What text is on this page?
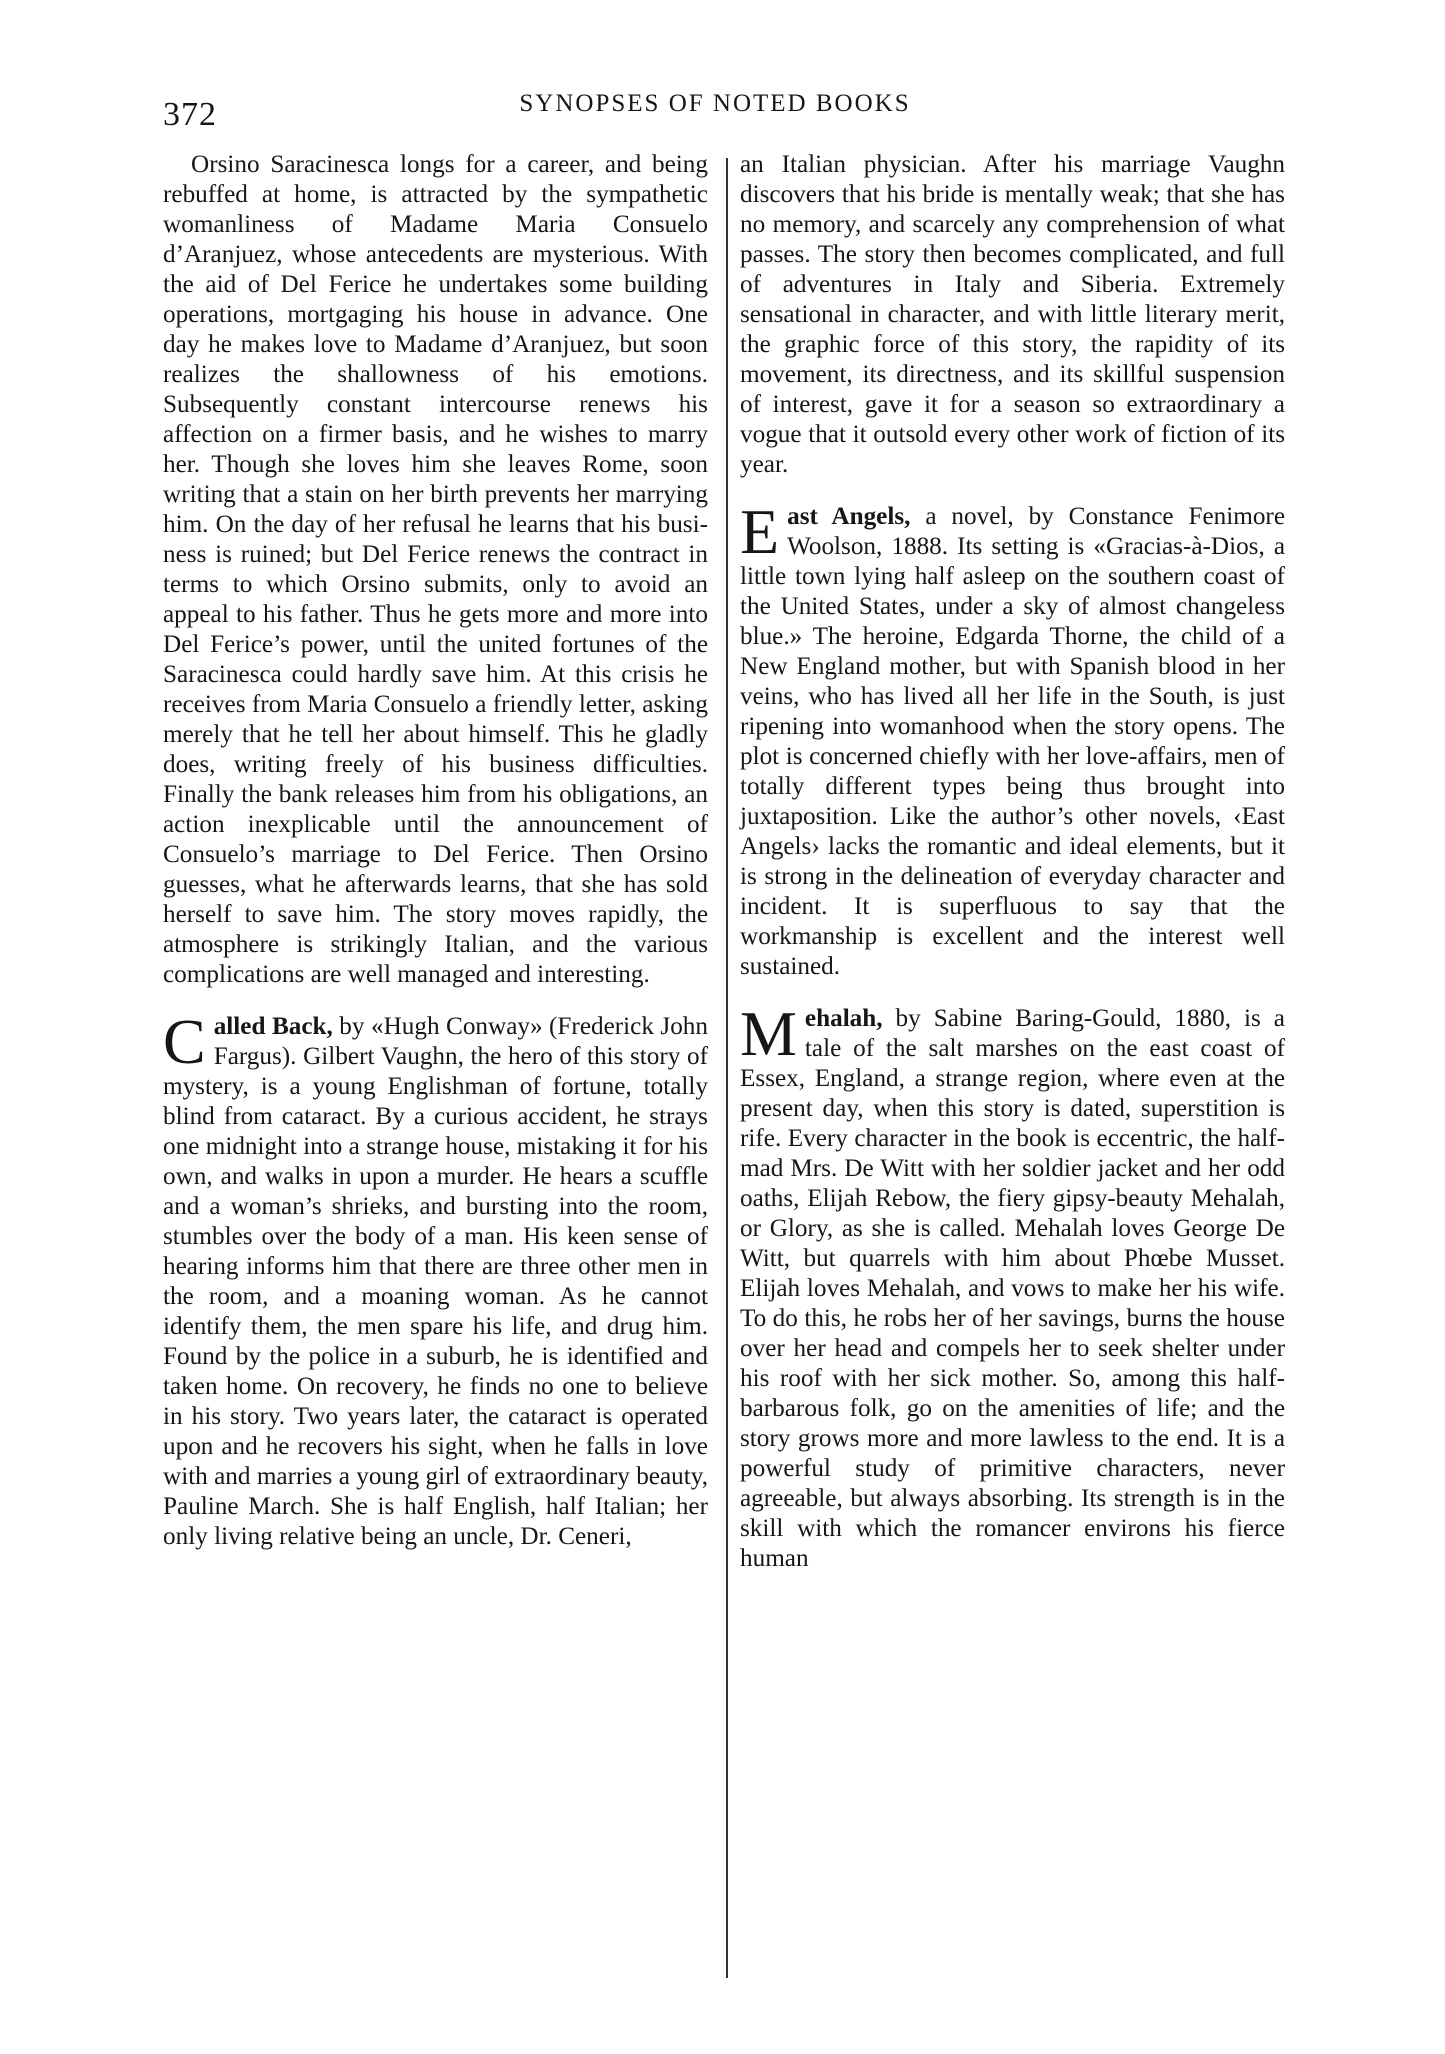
372	SYNOPSES OF NOTED BOOKS

Orsino Saracinesca longs for a career, and being rebuffed at home, is attracted by the sympathetic womanliness of Madame Maria Consuelo d’Aranjuez, whose antecedents are mysterious. With the aid of Del Ferice he undertakes some building operations, mortgaging his house in advance. One day he makes love to Madame d’Aranjuez, but soon realizes the shallowness of his emotions. Subsequently constant intercourse renews his affection on a firmer basis, and he wishes to marry her. Though she loves him she leaves Rome, soon writing that a stain on her birth prevents her marrying him. On the day of her refusal he learns that his business is ruined; but Del Ferice renews the contract in terms to which Orsino submits, only to avoid an appeal to his father. Thus he gets more and more into Del Ferice’s power, until the united fortunes of the Saracinesca could hardly save him. At this crisis he receives from Maria Consuelo a friendly letter, asking merely that he tell her about himself. This he gladly does, writing freely of his business difficulties. Finally the bank releases him from his obligations, an action inexplicable until the announcement of Consuelo’s marriage to Del Ferice. Then Orsino guesses, what he afterwards learns, that she has sold herself to save him. The story moves rapidly, the atmosphere is strikingly Italian, and the various complications are well managed and interesting.

Called Back, by «Hugh Conway» (Frederick John Fargus). Gilbert Vaughn, the hero of this story of mystery, is a young Englishman of fortune, totally blind from cataract. By a curious accident, he strays one midnight into a strange house, mistaking it for his own, and walks in upon a murder. He hears a scuffle and a woman’s shrieks, and bursting into the room, stumbles over the body of a man. His keen sense of hearing informs him that there are three other men in the room, and a moaning woman. As he cannot identify them, the men spare his life, and drug him. Found by the police in a suburb, he is identified and taken home. On recovery, he finds no one to believe in his story. Two years later, the cataract is operated upon and he recovers his sight, when he falls in love with and marries a young girl of extraordinary beauty, Pauline March. She is half English, half Italian; her only living relative being an uncle, Dr. Ceneri,

an Italian physician. After his marriage Vaughn discovers that his bride is mentally weak; that she has no memory, and scarcely any comprehension of what passes. The story then becomes complicated, and full of adventures in Italy and Siberia. Extremely sensational in character, and with little literary merit, the graphic force of this story, the rapidity of its movement, its directness, and its skillful suspension of interest, gave it for a season so extraordinary a vogue that it outsold every other work of fiction of its year.

East Angels, a novel, by Constance Fenimore Woolson, 1888. Its setting is «Gracias-à-Dios, a little town lying half asleep on the southern coast of the United States, under a sky of almost changeless blue.» The heroine, Edgarda Thorne, the child of a New England mother, but with Spanish blood in her veins, who has lived all her life in the South, is just ripening into womanhood when the story opens. The plot is concerned chiefly with her love-affairs, men of totally different types being thus brought into juxtaposition. Like the author’s other novels, ‹East Angels› lacks the romantic and ideal elements, but it is strong in the delineation of everyday character and incident. It is superfluous to say that the workmanship is excellent and the interest well sustained.

Mehalah, by Sabine Baring-Gould, 1880, is a tale of the salt marshes on the east coast of Essex, England, a strange region, where even at the present day, when this story is dated, superstition is rife. Every character in the book is eccentric, the half-mad Mrs. De Witt with her soldier jacket and her odd oaths, Elijah Rebow, the fiery gipsy-beauty Mehalah, or Glory, as she is called. Mehalah loves George De Witt, but quarrels with him about Phœbe Musset. Elijah loves Mehalah, and vows to make her his wife. To do this, he robs her of her savings, burns the house over her head and compels her to seek shelter under his roof with her sick mother. So, among this half-barbarous folk, go on the amenities of life; and the story grows more and more lawless to the end. It is a powerful study of primitive characters, never agreeable, but always absorbing. Its strength is in the skill with which the romancer environs his fierce human
